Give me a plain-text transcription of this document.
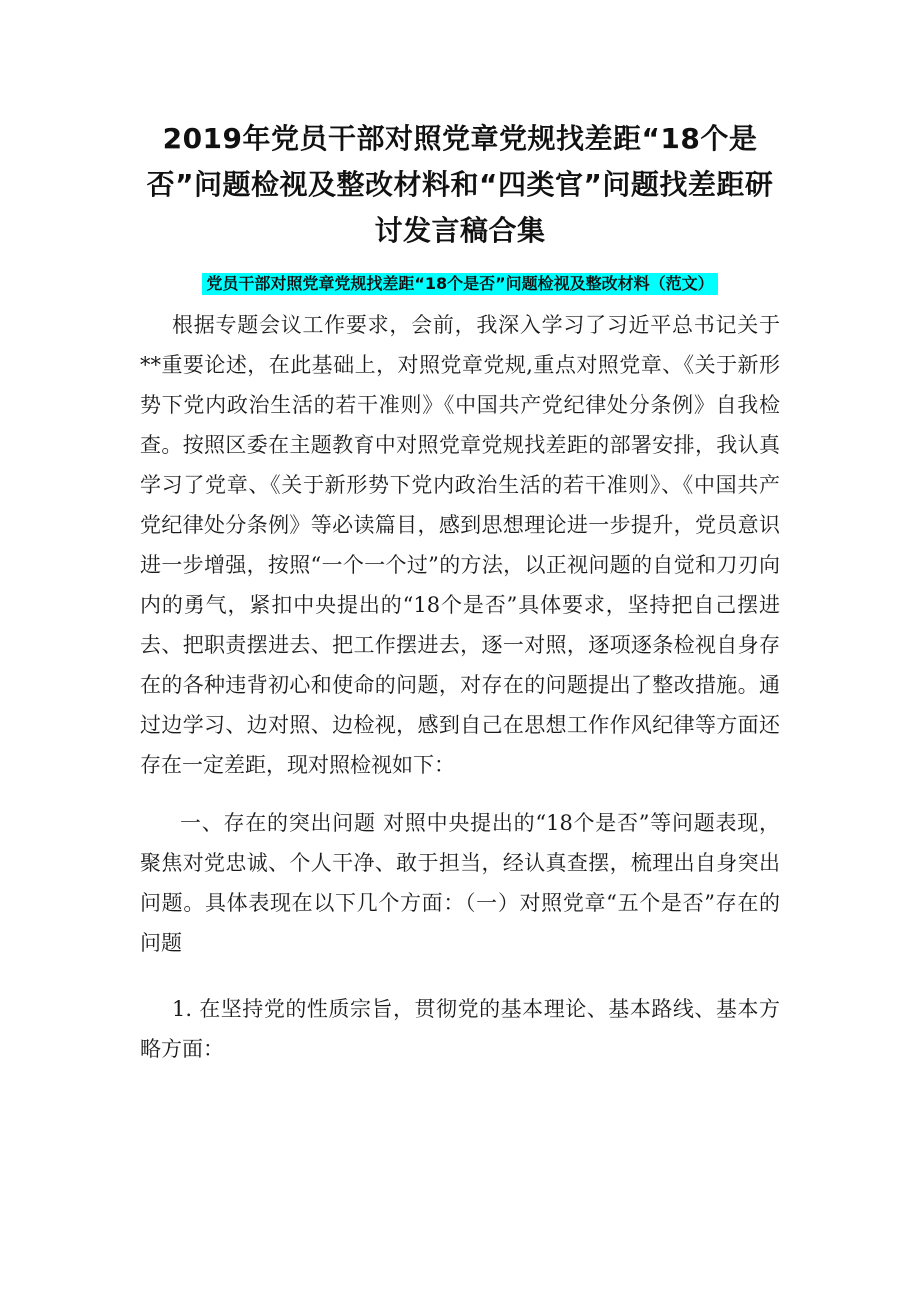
2019年党员干部对照党章党规找差距“18个是否”问题检视及整改材料和“四类官”问题找差距研讨发言稿合集
党员干部对照党章党规找差距“18个是否”问题检视及整改材料（范文）

根据专题会议工作要求，会前，我深入学习了习近平总书记关于**重要论述，在此基础上，对照党章党规,重点对照党章、《关于新形势下党内政治生活的若干准则》《中国共产党纪律处分条例》自我检查。按照区委在主题教育中对照党章党规找差距的部署安排，我认真学习了党章、《关于新形势下党内政治生活的若干准则》、《中国共产党纪律处分条例》等必读篇目，感到思想理论进一步提升，党员意识进一步增强，按照“一个一个过”的方法，以正视问题的自觉和刀刃向内的勇气，紧扣中央提出的“18个是否”具体要求，坚持把自己摆进去、把职责摆进去、把工作摆进去，逐一对照，逐项逐条检视自身存在的各种违背初心和使命的问题，对存在的问题提出了整改措施。通过边学习、边对照、边检视，感到自己在思想工作作风纪律等方面还存在一定差距，现对照检视如下：

一、存在的突出问题 对照中央提出的“18个是否”等问题表现，聚焦对党忠诚、个人干净、敢于担当，经认真查摆，梳理出自身突出问题。具体表现在以下几个方面：（一）对照党章“五个是否”存在的问题

1. 在坚持党的性质宗旨，贯彻党的基本理论、基本路线、基本方略方面：
